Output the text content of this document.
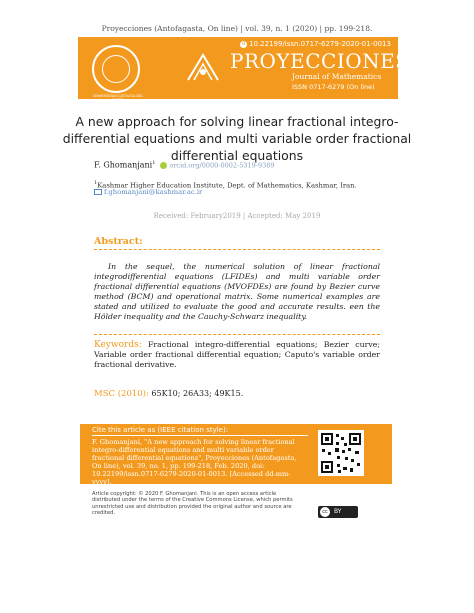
Proyecciones (Antofagasta, On line) | vol. 39, n. 1 (2020) | pp. 199-218.
UNIVERSIDAD CATÓLICA DEL NORTE
d 10.22199/issn.0717-6279-2020-01-0013
PROYECCIONES
Journal of Mathematics
ISSN 0717-6279 (On line)
A new approach for solving linear fractional integro-differential equations and multi variable order fractional differential equations
F. Ghomanjani$^1$ orcid.org/0000-0002-5319-9389
$^1$Kashmar Higher Education Institute, Dept. of Mathematics, Kashmar, Iran.
f.ghomanjani@kashmar.ac.ir
Received: February2019 | Accepted: May 2019
Abstract:
In the sequel, the numerical solution of linear fractional integrodifferential equations (LFIDEs) and multi variable order fractional differential equations (MVOFDEs) are found by Bezier curve method (BCM) and operational matrix. Some numerical examples are stated and utilized to evaluate the good and accurate results. een the Hölder inequality and the Cauchy-Schwarz inequality.
Keywords: Fractional integro-differential equations; Bezier curve; Variable order fractional differential equation; Caputo's variable order fractional derivative.
MSC (2010): 65K10; 26A33; 49K15.
Cite this article as (IEEE citation style):
F. Ghomanjani, "A new approach for solving linear fractional integro-differential equations and multi variable order fractional differential equations", Proyecciones (Antofagasta, On line), vol. 39, no. 1, pp. 199-218, Feb. 2020, doi: 10.22199/issn.0717-6279-2020-01-0013. [Accessed dd-mm-yyyy].
Article copyright: © 2020 F. Ghomanjani. This is an open access article distributed under the terms of the Creative Commons License, which permits unrestricted use and distribution provided the original author and source are credited.	cc	BY
